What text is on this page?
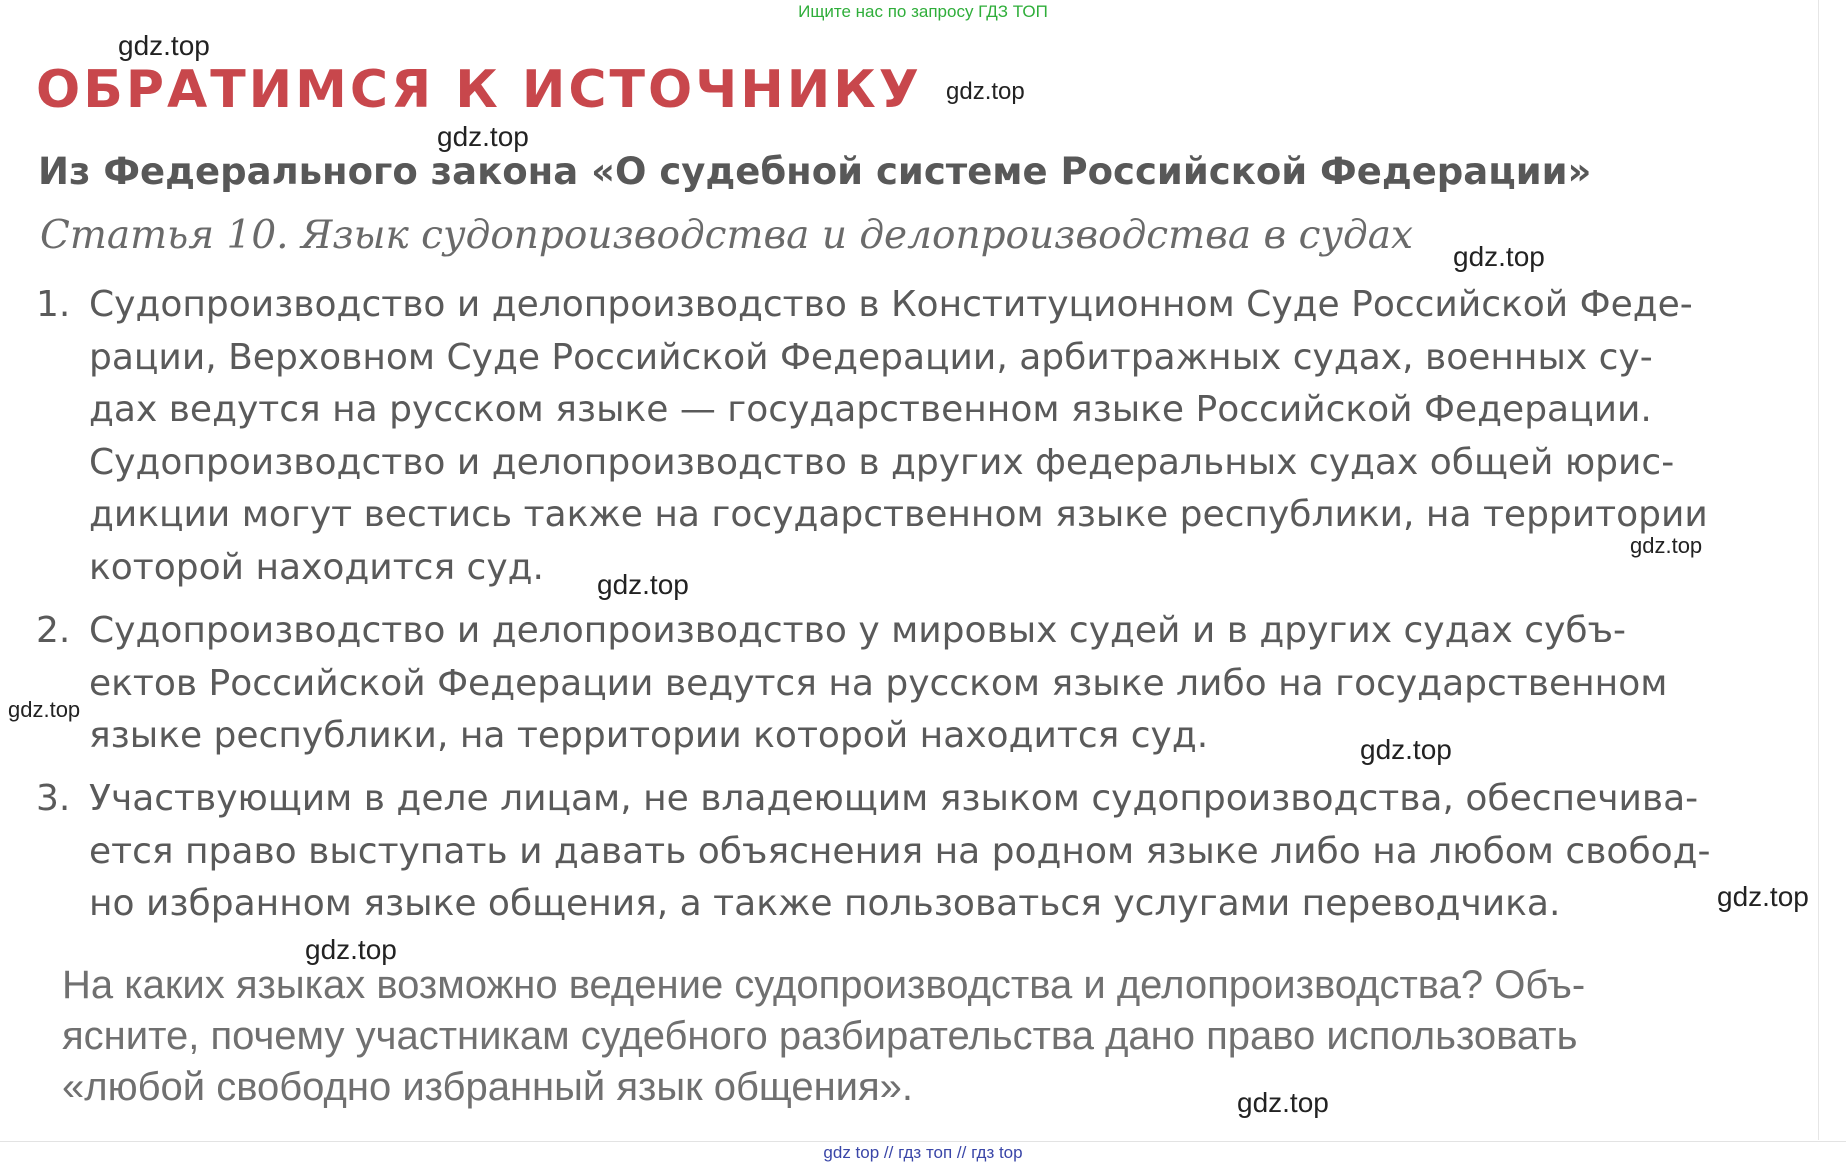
Ищите нас по запросу ГДЗ ТОП
ОБРАТИМСЯ К ИСТОЧНИКУ
Из Федерального закона «О судебной системе Российской Федерации»
Статья 10. Язык судопроизводства и делопроизводства в судах
1. Судопроизводство и делопроизводство в Конституционном Суде Российской Феде-
рации, Верховном Суде Российской Федерации, арбитражных судах, военных су-
дах ведутся на русском языке — государственном языке Российской Федерации.
Судопроизводство и делопроизводство в других федеральных судах общей юрис-
дикции могут вестись также на государственном языке республики, на территории
которой находится суд.
2. Судопроизводство и делопроизводство у мировых судей и в других судах субъ-
ектов Российской Федерации ведутся на русском языке либо на государственном
языке республики, на территории которой находится суд.
3. Участвующим в деле лицам, не владеющим языком судопроизводства, обеспечива-
ется право выступать и давать объяснения на родном языке либо на любом свобод-
но избранном языке общения, а также пользоваться услугами переводчика.
На каких языках возможно ведение судопроизводства и делопроизводства? Объ-
ясните, почему участникам судебного разбирательства дано право использовать
«любой свободно избранный язык общения».
gdz.top
gdz.top
gdz.top
gdz.top
gdz.top
gdz.top
gdz.top
gdz.top
gdz.top
gdz.top
gdz.top
gdz top // гдз топ // гдз top
